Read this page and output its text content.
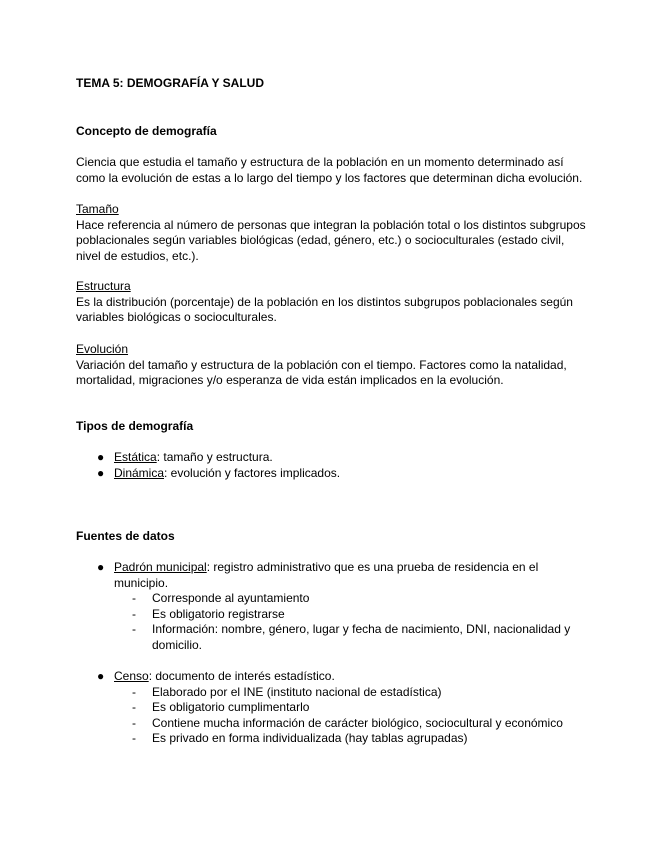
TEMA 5: DEMOGRAFÍA Y SALUD
Concepto de demografía
Ciencia que estudia el tamaño y estructura de la población en un momento determinado así como la evolución de estas a lo largo del tiempo y los factores que determinan dicha evolución.
Tamaño
Hace referencia al número de personas que integran la población total o los distintos subgrupos poblacionales según variables biológicas (edad, género, etc.) o socioculturales (estado civil, nivel de estudios, etc.).
Estructura
Es la distribución (porcentaje) de la población en los distintos subgrupos poblacionales según variables biológicas o socioculturales.
Evolución
Variación del tamaño y estructura de la población con el tiempo. Factores como la natalidad, mortalidad, migraciones y/o esperanza de vida están implicados en la evolución.
Tipos de demografía
● Estática: tamaño y estructura.
● Dinámica: evolución y factores implicados.
Fuentes de datos
● Padrón municipal: registro administrativo que es una prueba de residencia en el municipio.
- Corresponde al ayuntamiento
- Es obligatorio registrarse
- Información: nombre, género, lugar y fecha de nacimiento, DNI, nacionalidad y domicilio.
● Censo: documento de interés estadístico.
- Elaborado por el INE (instituto nacional de estadística)
- Es obligatorio cumplimentarlo
- Contiene mucha información de carácter biológico, sociocultural y económico
- Es privado en forma individualizada (hay tablas agrupadas)
